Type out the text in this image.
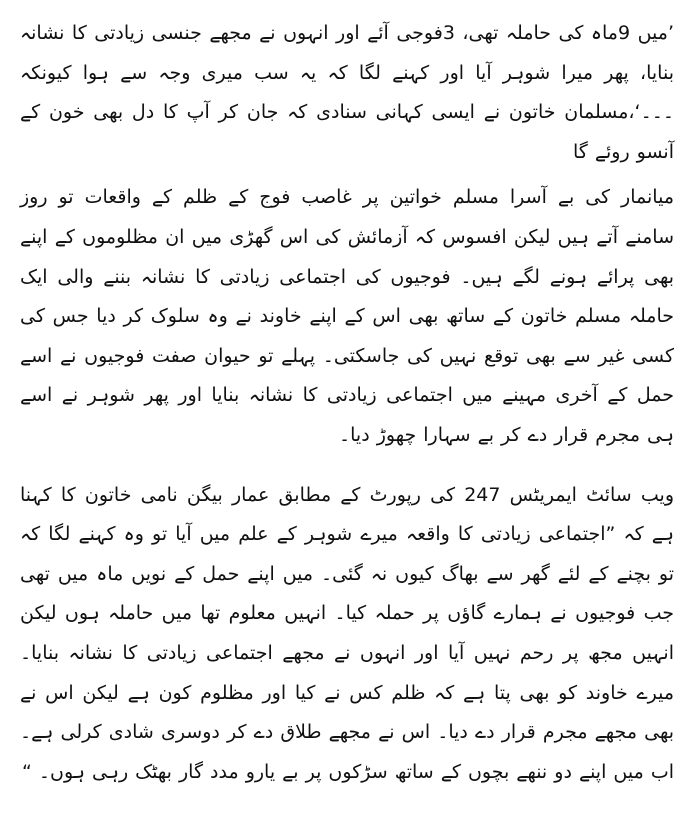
’میں 9ماہ کی حاملہ تھی، 3فوجی آئے اور انہوں نے مجھے جنسی زیادتی کا نشانہ بنایا، پھر میرا شوہر آیا اور کہنے لگا کہ یہ سب میری وجہ سے ہوا کیونکہ ۔۔۔‘،مسلمان خاتون نے ایسی کہانی سنادی کہ جان کر آپ کا دل بھی خون کے آنسو روئے گا

میانمار کی بے آسرا مسلم خواتین پر غاصب فوج کے ظلم کے واقعات تو روز سامنے آتے ہیں لیکن افسوس کہ آزمائش کی اس گھڑی میں ان مظلوموں کے اپنے بھی پرائے ہونے لگے ہیں۔ فوجیوں کی اجتماعی زیادتی کا نشانہ بننے والی ایک حاملہ مسلم خاتون کے ساتھ بھی اس کے اپنے خاوند نے وہ سلوک کر دیا جس کی کسی غیر سے بھی توقع نہیں کی جاسکتی۔ پہلے تو حیوان صفت فوجیوں نے اسے حمل کے آخری مہینے میں اجتماعی زیادتی کا نشانہ بنایا اور پھر شوہر نے اسے ہی مجرم قرار دے کر بے سہارا چھوڑ دیا۔

ویب سائٹ ایمریٹس 247 کی رپورٹ کے مطابق عمار بیگن نامی خاتون کا کہنا ہے کہ ”اجتماعی زیادتی کا واقعہ میرے شوہر کے علم میں آیا تو وہ کہنے لگا کہ تو بچنے کے لئے گھر سے بھاگ کیوں نہ گئی۔ میں اپنے حمل کے نویں ماہ میں تھی جب فوجیوں نے ہمارے گاﺅں پر حملہ کیا۔ انہیں معلوم تھا میں حاملہ ہوں لیکن انہیں مجھ پر رحم نہیں آیا اور انہوں نے مجھے اجتماعی زیادتی کا نشانہ بنایا۔ میرے خاوند کو بھی پتا ہے کہ ظلم کس نے کیا اور مظلوم کون ہے لیکن اس نے بھی مجھے مجرم قرار دے دیا۔ اس نے مجھے طلاق دے کر دوسری شادی کرلی ہے۔ اب میں اپنے دو ننھے بچوں کے ساتھ سڑکوں پر بے یارو مدد گار بھٹک رہی ہوں۔ “
